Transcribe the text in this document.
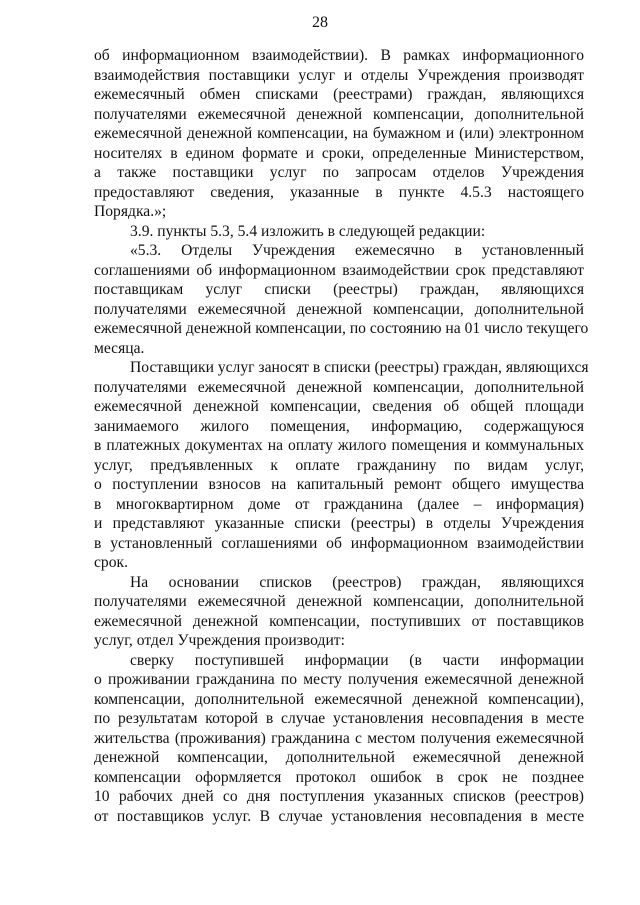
28
об информационном взаимодействии). В рамках информационного
взаимодействия поставщики услуг и отделы Учреждения производят
ежемесячный обмен списками (реестрами) граждан, являющихся
получателями ежемесячной денежной компенсации, дополнительной
ежемесячной денежной компенсации, на бумажном и (или) электронном
носителях в едином формате и сроки, определенные Министерством,
а также поставщики услуг по запросам отделов Учреждения
предоставляют сведения, указанные в пункте 4.5.3 настоящего
Порядка.»;
3.9. пункты 5.3, 5.4 изложить в следующей редакции:
«5.3. Отделы Учреждения ежемесячно в установленный
соглашениями об информационном взаимодействии срок представляют
поставщикам услуг списки (реестры) граждан, являющихся
получателями ежемесячной денежной компенсации, дополнительной
ежемесячной денежной компенсации, по состоянию на 01 число текущего
месяца.
Поставщики услуг заносят в списки (реестры) граждан, являющихся
получателями ежемесячной денежной компенсации, дополнительной
ежемесячной денежной компенсации, сведения об общей площади
занимаемого жилого помещения, информацию, содержащуюся
в платежных документах на оплату жилого помещения и коммунальных
услуг, предъявленных к оплате гражданину по видам услуг,
о поступлении взносов на капитальный ремонт общего имущества
в многоквартирном доме от гражданина (далее – информация)
и представляют указанные списки (реестры) в отделы Учреждения
в установленный соглашениями об информационном взаимодействии
срок.
На основании списков (реестров) граждан, являющихся
получателями ежемесячной денежной компенсации, дополнительной
ежемесячной денежной компенсации, поступивших от поставщиков
услуг, отдел Учреждения производит:
сверку поступившей информации (в части информации
о проживании гражданина по месту получения ежемесячной денежной
компенсации, дополнительной ежемесячной денежной компенсации),
по результатам которой в случае установления несовпадения в месте
жительства (проживания) гражданина с местом получения ежемесячной
денежной компенсации, дополнительной ежемесячной денежной
компенсации оформляется протокол ошибок в срок не позднее
10 рабочих дней со дня поступления указанных списков (реестров)
от поставщиков услуг. В случае установления несовпадения в месте
